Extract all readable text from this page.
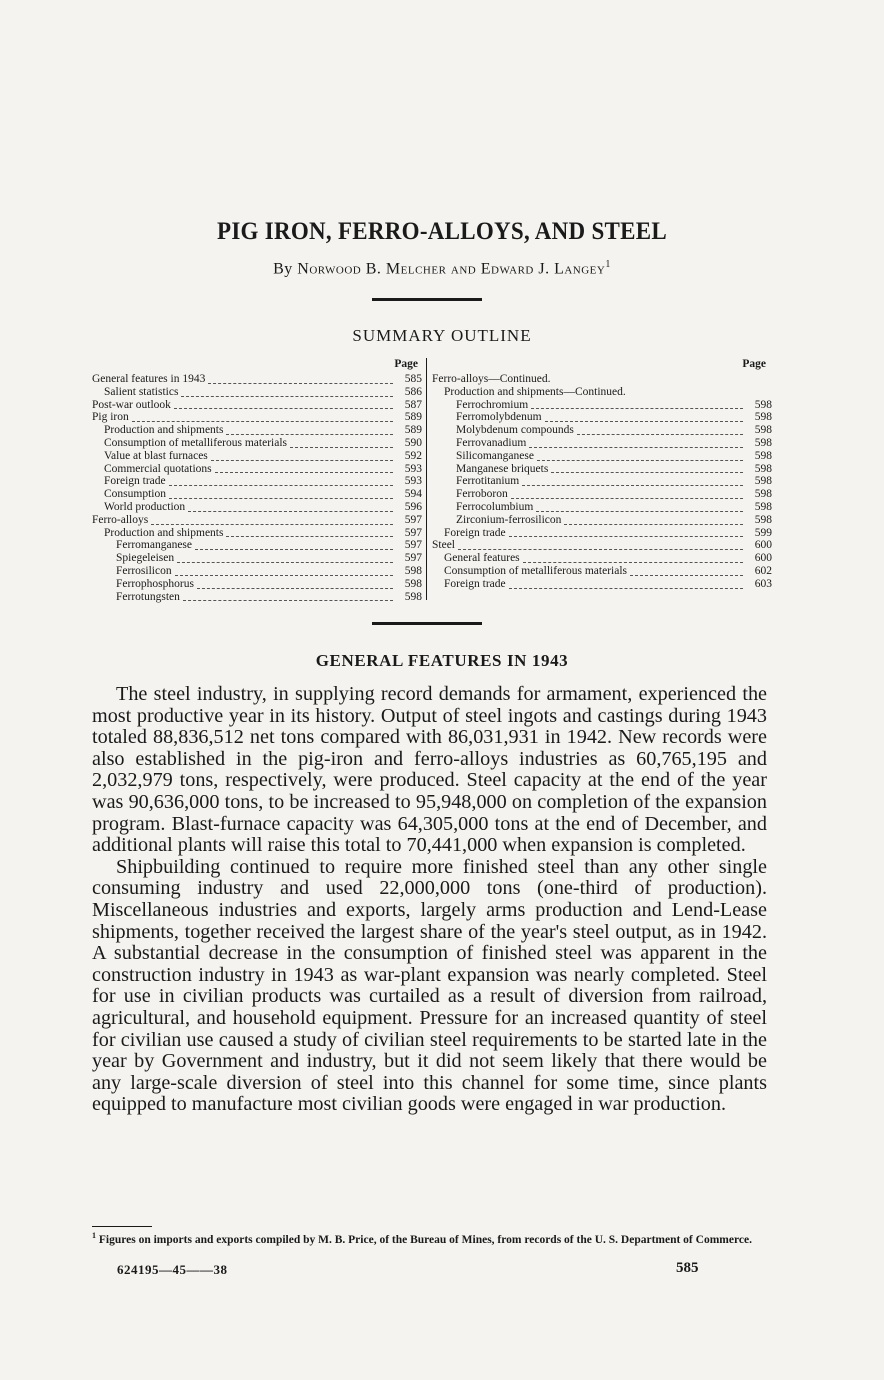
PIG IRON, FERRO-ALLOYS, AND STEEL
By Norwood B. Melcher and Edward J. Langey$^1$
SUMMARY OUTLINE
Page
General features in 1943	585
Salient statistics	586
Post-war outlook	587
Pig iron	589
Production and shipments	589
Consumption of metalliferous materials	590
Value at blast furnaces	592
Commercial quotations	593
Foreign trade	593
Consumption	594
World production	596
Ferro-alloys	597
Production and shipments	597
Ferromanganese	597
Spiegeleisen	597
Ferrosilicon	598
Ferrophosphorus	598
Ferrotungsten	598
Page
Ferro-alloys—Continued.
Production and shipments—Continued.
Ferrochromium	598
Ferromolybdenum	598
Molybdenum compounds	598
Ferrovanadium	598
Silicomanganese	598
Manganese briquets	598
Ferrotitanium	598
Ferroboron	598
Ferrocolumbium	598
Zirconium-ferrosilicon	598
Foreign trade	599
Steel	600
General features	600
Consumption of metalliferous materials	602
Foreign trade	603
GENERAL FEATURES IN 1943

The steel industry, in supplying record demands for armament, experienced the most productive year in its history. Output of steel ingots and castings during 1943 totaled 88,836,512 net tons compared with 86,031,931 in 1942. New records were also established in the pig-iron and ferro-alloys industries as 60,765,195 and 2,032,979 tons, respectively, were produced. Steel capacity at the end of the year was 90,636,000 tons, to be increased to 95,948,000 on completion of the expansion program. Blast-furnace capacity was 64,305,000 tons at the end of December, and additional plants will raise this total to 70,441,000 when expansion is completed.

Shipbuilding continued to require more finished steel than any other single consuming industry and used 22,000,000 tons (one-third of production). Miscellaneous industries and exports, largely arms production and Lend-Lease shipments, together received the largest share of the year's steel output, as in 1942. A substantial decrease in the consumption of finished steel was apparent in the construction industry in 1943 as war-plant expansion was nearly completed. Steel for use in civilian products was curtailed as a result of diversion from railroad, agricultural, and household equipment. Pressure for an increased quantity of steel for civilian use caused a study of civilian steel requirements to be started late in the year by Government and industry, but it did not seem likely that there would be any large-scale diversion of steel into this channel for some time, since plants equipped to manufacture most civilian goods were engaged in war production.

$^1$ Figures on imports and exports compiled by M. B. Price, of the Bureau of Mines, from records of the U. S. Department of Commerce.
624195—45——38	585
